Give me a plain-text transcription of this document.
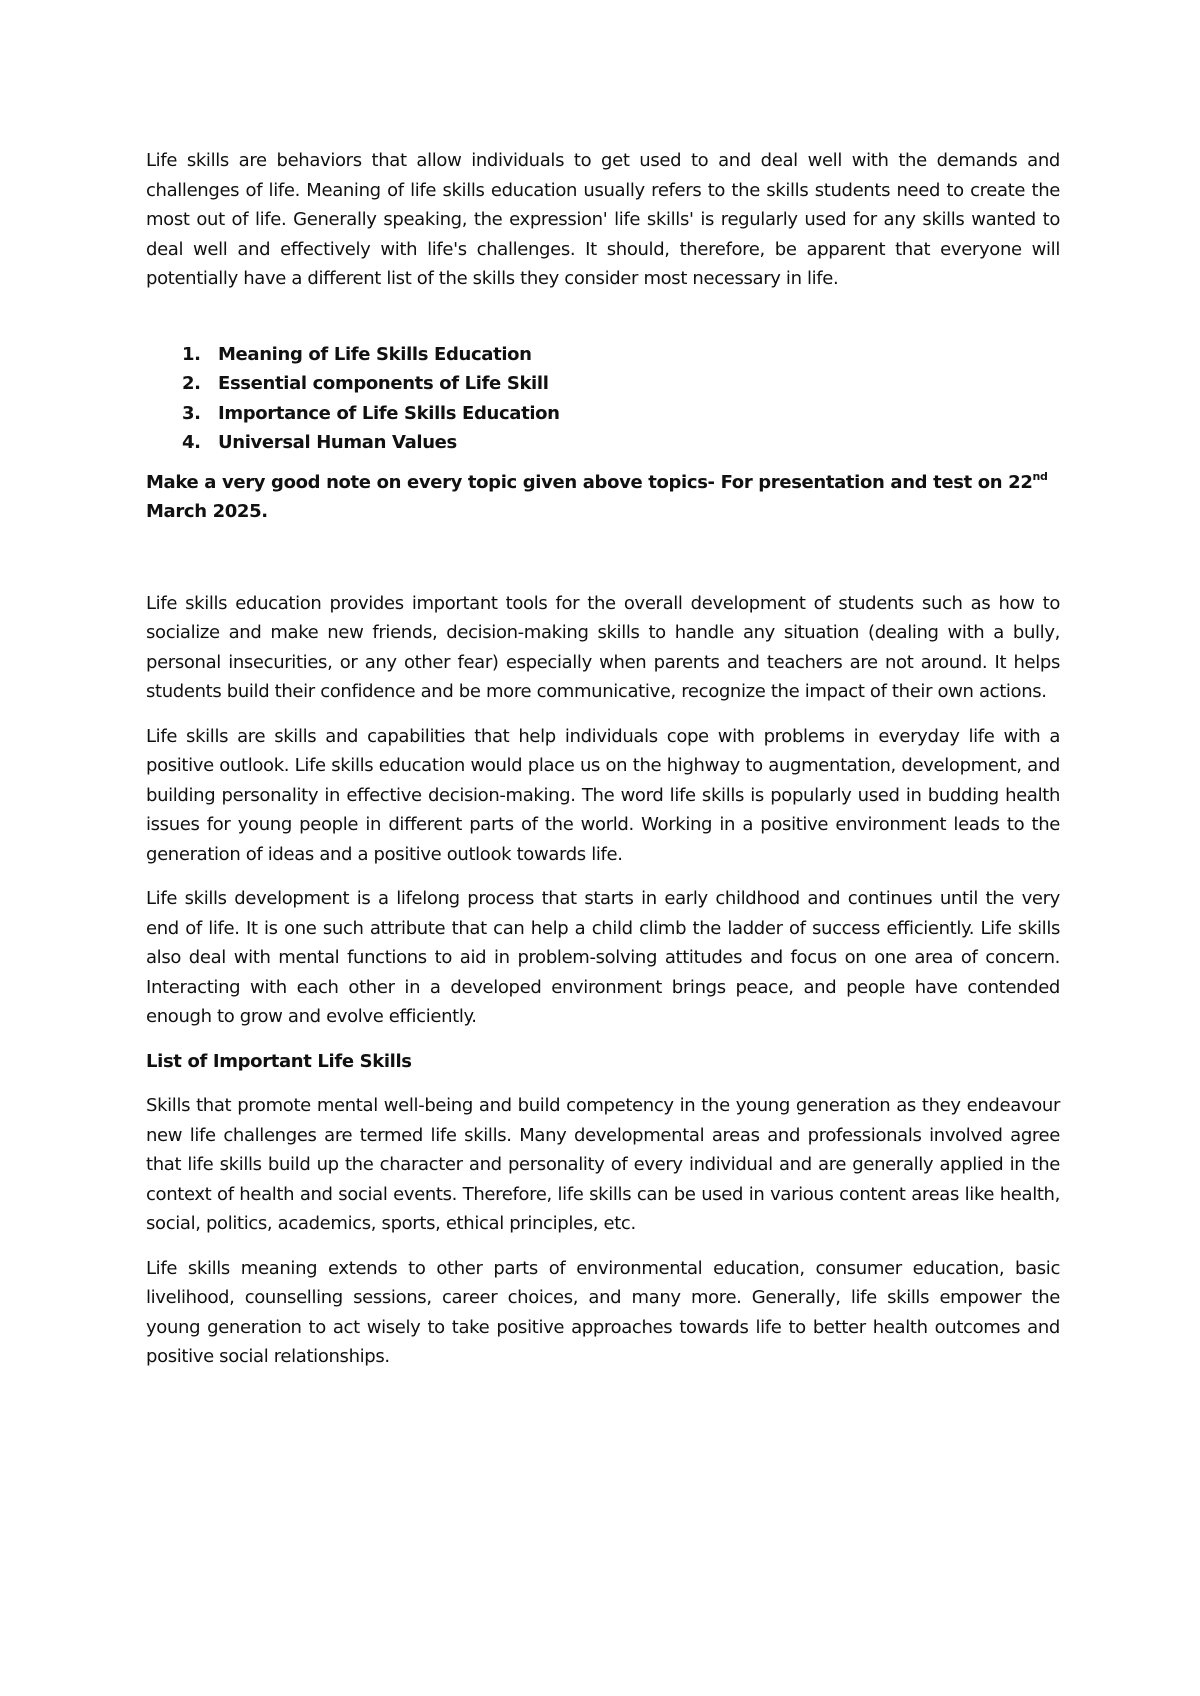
Life skills are behaviors that allow individuals to get used to and deal well with the demands and challenges of life. Meaning of life skills education usually refers to the skills students need to create the most out of life. Generally speaking, the expression' life skills' is regularly used for any skills wanted to deal well and effectively with life's challenges. It should, therefore, be apparent that everyone will potentially have a different list of the skills they consider most necessary in life.

1. Meaning of Life Skills Education
2. Essential components of Life Skill
3. Importance of Life Skills Education
4. Universal Human Values

Make a very good note on every topic given above topics- For presentation and test on 22nd March 2025.

Life skills education provides important tools for the overall development of students such as how to socialize and make new friends, decision-making skills to handle any situation (dealing with a bully, personal insecurities, or any other fear) especially when parents and teachers are not around. It helps students build their confidence and be more communicative, recognize the impact of their own actions.

Life skills are skills and capabilities that help individuals cope with problems in everyday life with a positive outlook. Life skills education would place us on the highway to augmentation, development, and building personality in effective decision-making. The word life skills is popularly used in budding health issues for young people in different parts of the world. Working in a positive environment leads to the generation of ideas and a positive outlook towards life.

Life skills development is a lifelong process that starts in early childhood and continues until the very end of life. It is one such attribute that can help a child climb the ladder of success efficiently. Life skills also deal with mental functions to aid in problem-solving attitudes and focus on one area of concern. Interacting with each other in a developed environment brings peace, and people have contended enough to grow and evolve efficiently.

List of Important Life Skills

Skills that promote mental well-being and build competency in the young generation as they endeavour new life challenges are termed life skills. Many developmental areas and professionals involved agree that life skills build up the character and personality of every individual and are generally applied in the context of health and social events. Therefore, life skills can be used in various content areas like health, social, politics, academics, sports, ethical principles, etc.

Life skills meaning extends to other parts of environmental education, consumer education, basic livelihood, counselling sessions, career choices, and many more. Generally, life skills empower the young generation to act wisely to take positive approaches towards life to better health outcomes and positive social relationships.
